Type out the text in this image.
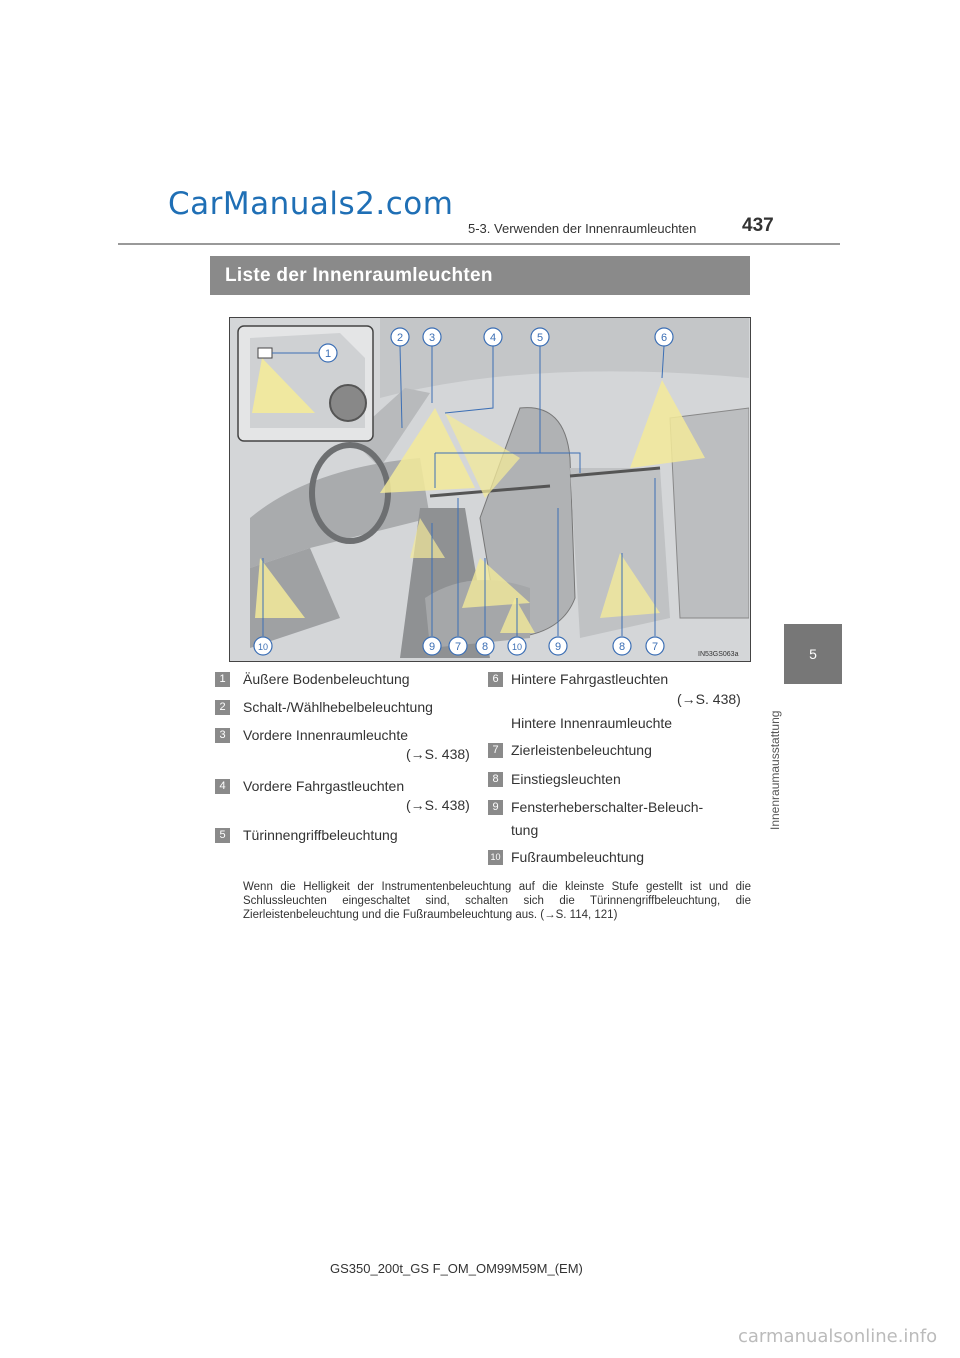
CarManuals2.com
5-3. Verwenden der Innenraumleuchten 437
5
Innenraumausstattung
Liste der Innenraumleuchten
1
2 3	4	5	6
10	9 7 8	10	9	8 7
IN53GS063a
1	Äußere Bodenbeleuchtung
2	Schalt-/Wählhebelbeleuchtung
3	Vordere Innenraumleuchte
(→S. 438)
4	Vordere Fahrgastleuchten
(→S. 438)
5	Türinnengriffbeleuchtung
6 Hintere Fahrgastleuchten
(→S. 438)
Hintere Innenraumleuchte
7 Zierleistenbeleuchtung
8 Einstiegsleuchten
9 Fensterheberschalter-Beleuch-
tung
10 Fußraumbeleuchtung
Wenn die Helligkeit der Instrumentenbeleuchtung auf die kleinste Stufe gestellt ist und die Schlussleuchten eingeschaltet sind, schalten sich die Türinnengriffbeleuchtung, die Zierleistenbeleuchtung und die Fußraumbeleuchtung aus. (→S. 114, 121)
GS350_200t_GS F_OM_OM99M59M_(EM)
carmanualsonline.info
